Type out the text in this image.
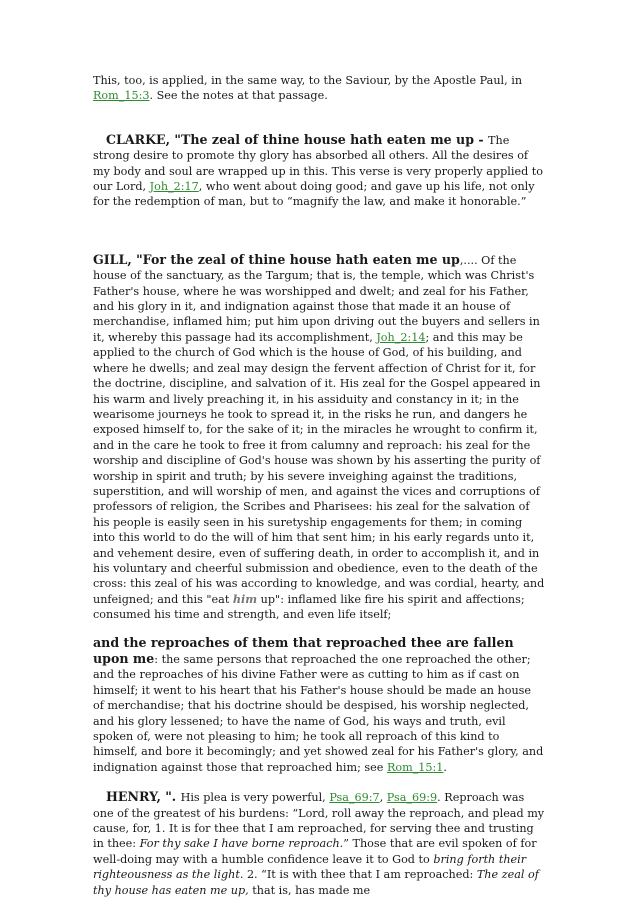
This, too, is applied, in the same way, to the Saviour, by the Apostle Paul, in Rom_15:3. See the notes at that passage.

CLARKE, "The zeal of thine house hath eaten me up - The strong desire to promote thy glory has absorbed all others. All the desires of my body and soul are wrapped up in this. This verse is very properly applied to our Lord, Joh_2:17, who went about doing good; and gave up his life, not only for the redemption of man, but to “magnify the law, and make it honorable.”

GILL, "For the zeal of thine house hath eaten me up,.... Of the house of the sanctuary, as the Targum; that is, the temple, which was Christ's Father's house, where he was worshipped and dwelt; and zeal for his Father, and his glory in it, and indignation against those that made it an house of merchandise, inflamed him; put him upon driving out the buyers and sellers in it, whereby this passage had its accomplishment, Joh_2:14; and this may be applied to the church of God which is the house of God, of his building, and where he dwells; and zeal may design the fervent affection of Christ for it, for the doctrine, discipline, and salvation of it. His zeal for the Gospel appeared in his warm and lively preaching it, in his assiduity and constancy in it; in the wearisome journeys he took to spread it, in the risks he run, and dangers he exposed himself to, for the sake of it; in the miracles he wrought to confirm it, and in the care he took to free it from calumny and reproach: his zeal for the worship and discipline of God's house was shown by his asserting the purity of worship in spirit and truth; by his severe inveighing against the traditions, superstition, and will worship of men, and against the vices and corruptions of professors of religion, the Scribes and Pharisees: his zeal for the salvation of his people is easily seen in his suretyship engagements for them; in coming into this world to do the will of him that sent him; in his early regards unto it, and vehement desire, even of suffering death, in order to accomplish it, and in his voluntary and cheerful submission and obedience, even to the death of the cross: this zeal of his was according to knowledge, and was cordial, hearty, and unfeigned; and this "eat him up": inflamed like fire his spirit and affections; consumed his time and strength, and even life itself;

and the reproaches of them that reproached thee are fallen upon me: the same persons that reproached the one reproached the other; and the reproaches of his divine Father were as cutting to him as if cast on himself; it went to his heart that his Father's house should be made an house of merchandise; that his doctrine should be despised, his worship neglected, and his glory lessened; to have the name of God, his ways and truth, evil spoken of, were not pleasing to him; he took all reproach of this kind to himself, and bore it becomingly; and yet showed zeal for his Father's glory, and indignation against those that reproached him; see Rom_15:1.

HENRY, ". His plea is very powerful, Psa_69:7, Psa_69:9. Reproach was one of the greatest of his burdens: “Lord, roll away the reproach, and plead my cause, for, 1. It is for thee that I am reproached, for serving thee and trusting in thee: For thy sake I have borne reproach.” Those that are evil spoken of for well-doing may with a humble confidence leave it to God to bring forth their righteousness as the light. 2. “It is with thee that I am reproached: The zeal of thy house has eaten me up, that is, has made me
